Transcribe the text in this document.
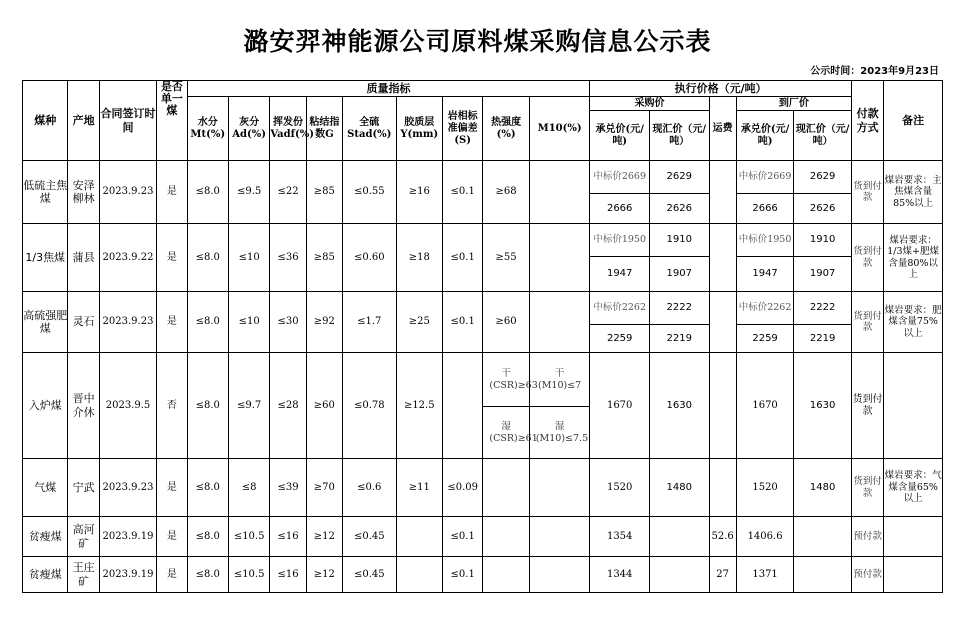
潞安羿神能源公司原料煤采购信息公示表
公示时间：2023年9月23日
煤种	产地	合同签订时间	是否单一煤	质量指标									执行价格（元/吨）					付款方式	备注
				水分Mt(%)	灰分Ad(%)	挥发份Vadf(%)	粘结指数G	全硫Stad(%)	胶质层Y(mm)	岩相标准偏差(S)	热强度(%)	M10(%)	采购价		运费	到厂价			
													承兑价(元/吨)	现汇价（元/吨）		承兑价(元/吨)	现汇价（元/吨）		
低硫主焦煤	安泽柳林	2023.9.23	是	≤8.0	≤9.5	≤22	≥85	≤0.55	≥16	≤0.1	≥68		中标价2669	2629		中标价2669	2629	货到付款	煤岩要求：主焦煤含量85%以上
													2666	2626		2666	2626		
1/3焦煤	蒲县	2023.9.22	是	≤8.0	≤10	≤36	≥85	≤0.60	≥18	≤0.1	≥55		中标价1950	1910		中标价1950	1910	货到付款	煤岩要求：1/3煤+肥煤含量80%以上
													1947	1907		1947	1907		
高硫强肥煤	灵石	2023.9.23	是	≤8.0	≤10	≤30	≥92	≤1.7	≥25	≤0.1	≥60		中标价2262	2222		中标价2262	2222	货到付款	煤岩要求：肥煤含量75%以上
													2259	2219		2259	2219		
入炉煤	晋中介休	2023.9.5	否	≤8.0	≤9.7	≤28	≥60	≤0.78	≥12.5		干(CSR)≥63	干(M10)≤7	1670	1630		1670	1630	货到付款	
											湿(CSR)≥61	湿(M10)≤7.5							
气煤	宁武	2023.9.23	是	≤8.0	≤8	≤39	≥70	≤0.6	≥11	≤0.09			1520	1480		1520	1480	货到付款	煤岩要求：气煤含量65%以上
贫瘦煤	高河矿	2023.9.19	是	≤8.0	≤10.5	≤16	≥12	≤0.45		≤0.1			1354		52.6	1406.6		预付款	
贫瘦煤	王庄矿	2023.9.19	是	≤8.0	≤10.5	≤16	≥12	≤0.45		≤0.1			1344		27	1371		预付款	
